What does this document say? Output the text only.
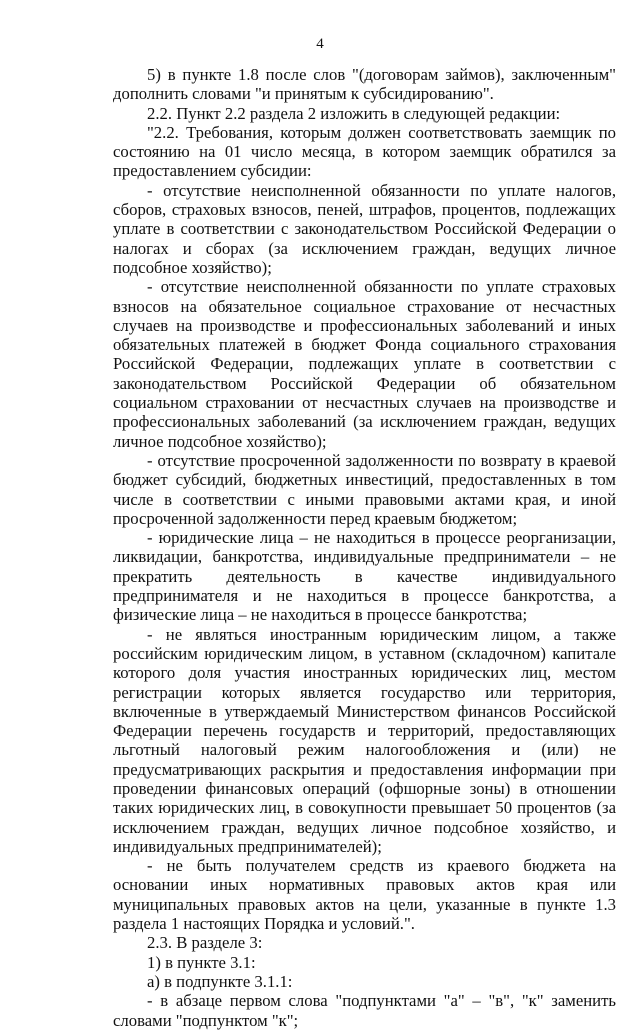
4

5) в пункте 1.8 после слов "(договорам займов), заключенным" дополнить словами "и принятым к субсидированию".

2.2. Пункт 2.2 раздела 2 изложить в следующей редакции:

"2.2. Требования, которым должен соответствовать заемщик по состоянию на 01 число месяца, в котором заемщик обратился за предоставлением субсидии:

- отсутствие неисполненной обязанности по уплате налогов, сборов, страховых взносов, пеней, штрафов, процентов, подлежащих уплате в соответствии с законодательством Российской Федерации о налогах и сборах (за исключением граждан, ведущих личное подсобное хозяйство);

- отсутствие неисполненной обязанности по уплате страховых взносов на обязательное социальное страхование от несчастных случаев на производстве и профессиональных заболеваний и иных обязательных платежей в бюджет Фонда социального страхования Российской Федерации, подлежащих уплате в соответствии с законодательством Российской Федерации об обязательном социальном страховании от несчастных случаев на производстве и профессиональных заболеваний (за исключением граждан, ведущих личное подсобное хозяйство);

- отсутствие просроченной задолженности по возврату в краевой бюджет субсидий, бюджетных инвестиций, предоставленных в том числе в соответствии с иными правовыми актами края, и иной просроченной задолженности перед краевым бюджетом;

- юридические лица – не находиться в процессе реорганизации, ликвидации, банкротства, индивидуальные предприниматели – не прекратить деятельность в качестве индивидуального предпринимателя и не находиться в процессе банкротства, а физические лица – не находиться в процессе банкротства;

- не являться иностранным юридическим лицом, а также российским юридическим лицом, в уставном (складочном) капитале которого доля участия иностранных юридических лиц, местом регистрации которых является государство или территория, включенные в утверждаемый Министерством финансов Российской Федерации перечень государств и территорий, предоставляющих льготный налоговый режим налогообложения и (или) не предусматривающих раскрытия и предоставления информации при проведении финансовых операций (офшорные зоны) в отношении таких юридических лиц, в совокупности превышает 50 процентов (за исключением граждан, ведущих личное подсобное хозяйство, и индивидуальных предпринимателей);

- не быть получателем средств из краевого бюджета на основании иных нормативных правовых актов края или муниципальных правовых актов на цели, указанные в пункте 1.3 раздела 1 настоящих Порядка и условий.".

2.3. В разделе 3:

1) в пункте 3.1:

а) в подпункте 3.1.1:

- в абзаце первом слова "подпунктами "а" – "в", "к" заменить словами "подпунктом "к";
